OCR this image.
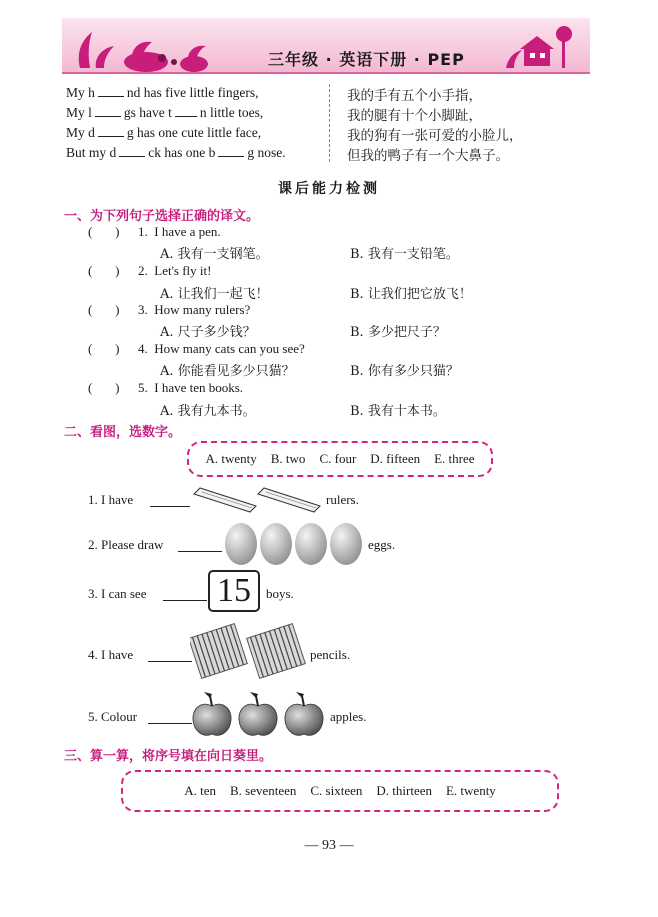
三年级 · 英语下册 · PEP
My h nd has five little fingers,
My l gs have t n little toes,
My d g has one cute little face,
But my d ck has one b g nose.
我的手有五个小手指，
我的腿有十个小脚趾，
我的狗有一张可爱的小脸儿，
但我的鸭子有一个大鼻子。
课后能力检测
一、为下列句子选择正确的译文。
(       ) 1. I have a pen.
A. 我有一支钢笔。	B. 我有一支铅笔。
(       ) 2. Let's fly it!
A. 让我们一起飞！	B. 让我们把它放飞！
(       ) 3. How many rulers?
A. 尺子多少钱？	B. 多少把尺子？
(       ) 4. How many cats can you see?
A. 你能看见多少只猫？	B. 你有多少只猫？
(       ) 5. I have ten books.
A. 我有九本书。	B. 我有十本书。
二、看图，选数字。
A. twenty B. two C. four D. fifteen E. three
1. I have	rulers.
2. Please draw	eggs.
3. I can see 15	boys.
4. I have	pencils.
5. Colour	apples.
三、算一算，将序号填在向日葵里。
A. ten B. seventeen C. sixteen D. thirteen E. twenty
— 93 —
